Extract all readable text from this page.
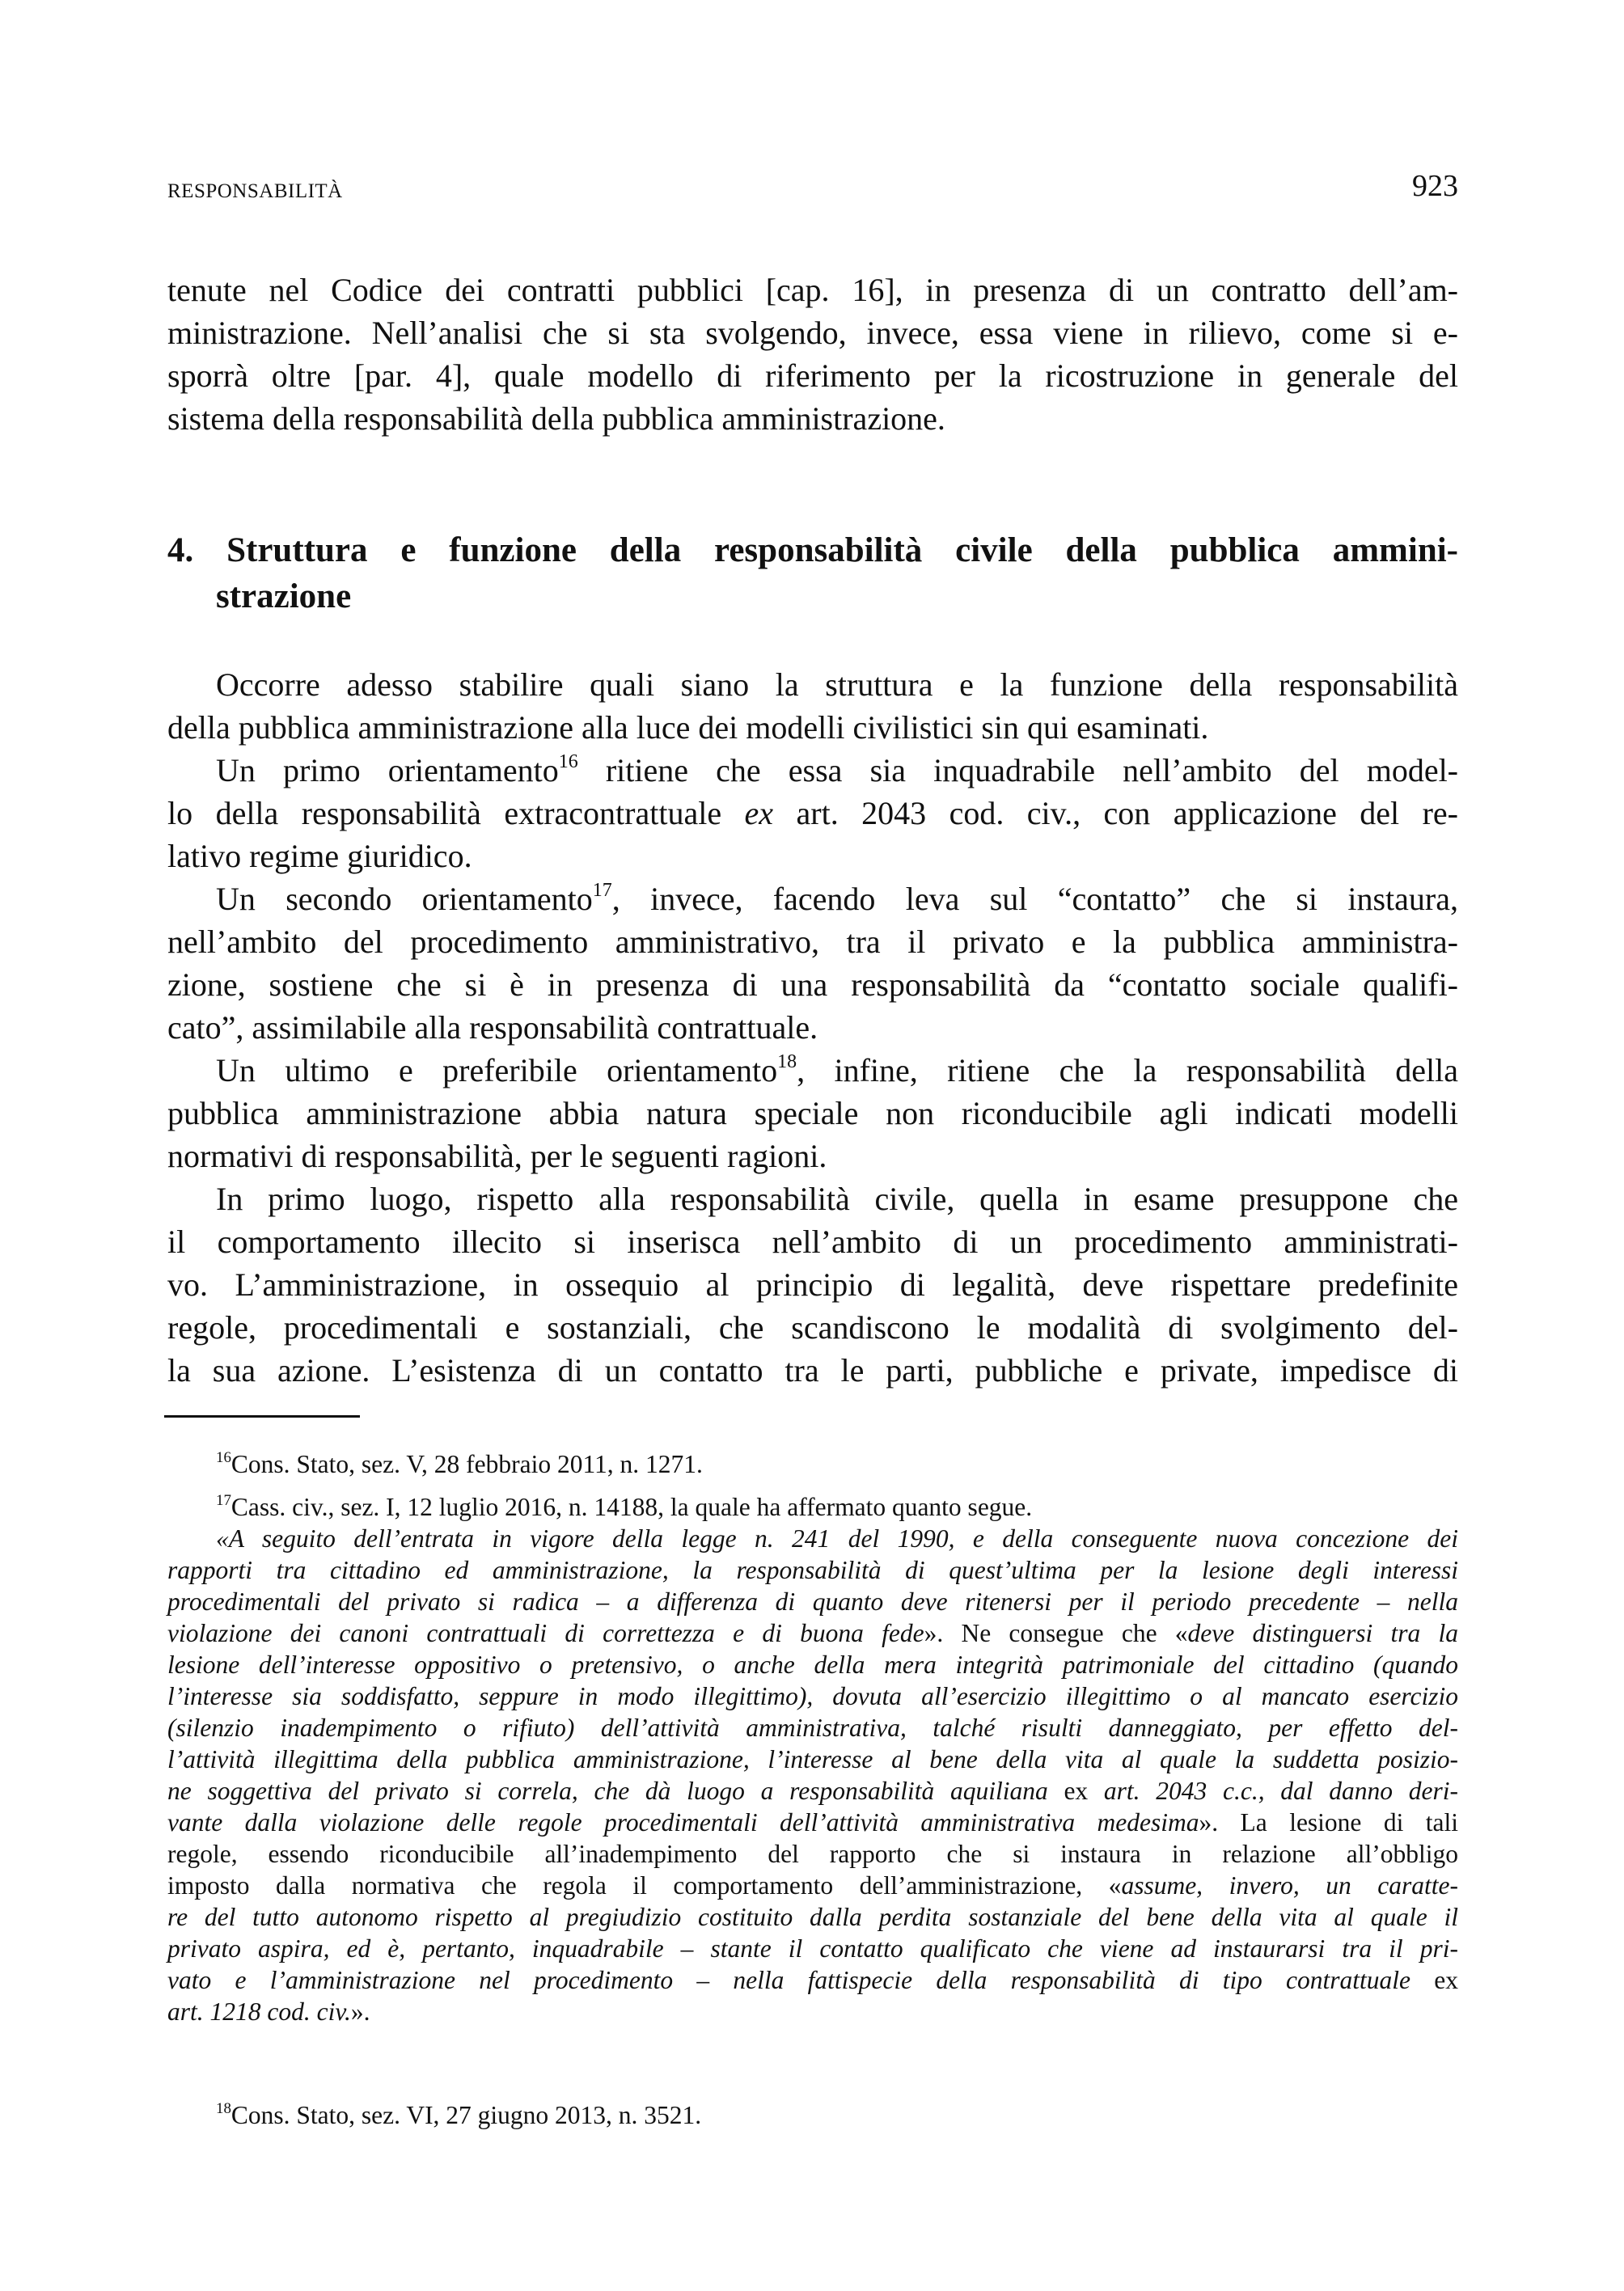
RESPONSABILITÀ	923
tenute nel Codice dei contratti pubblici [cap. 16], in presenza di un contratto dell’am-
ministrazione. Nell’analisi che si sta svolgendo, invece, essa viene in rilievo, come si e-
sporrà oltre [par. 4], quale modello di riferimento per la ricostruzione in generale del
sistema della responsabilità della pubblica amministrazione.
4. Struttura e funzione della responsabilità civile della pubblica ammini-
strazione
Occorre adesso stabilire quali siano la struttura e la funzione della responsabilità
della pubblica amministrazione alla luce dei modelli civilistici sin qui esaminati.
Un primo orientamento$^{16}$ ritiene che essa sia inquadrabile nell’ambito del model-
lo della responsabilità extracontrattuale ex art. 2043 cod. civ., con applicazione del re-
lativo regime giuridico.
Un secondo orientamento$^{17}$, invece, facendo leva sul “contatto” che si instaura,
nell’ambito del procedimento amministrativo, tra il privato e la pubblica amministra-
zione, sostiene che si è in presenza di una responsabilità da “contatto sociale qualifi-
cato”, assimilabile alla responsabilità contrattuale.
Un ultimo e preferibile orientamento$^{18}$, infine, ritiene che la responsabilità della
pubblica amministrazione abbia natura speciale non riconducibile agli indicati modelli
normativi di responsabilità, per le seguenti ragioni.
In primo luogo, rispetto alla responsabilità civile, quella in esame presuppone che
il comportamento illecito si inserisca nell’ambito di un procedimento amministrati-
vo. L’amministrazione, in ossequio al principio di legalità, deve rispettare predefinite
regole, procedimentali e sostanziali, che scandiscono le modalità di svolgimento del-
la sua azione. L’esistenza di un contatto tra le parti, pubbliche e private, impedisce di
$^{16}$Cons. Stato, sez. V, 28 febbraio 2011, n. 1271.
$^{17}$Cass. civ., sez. I, 12 luglio 2016, n. 14188, la quale ha affermato quanto segue.
«A seguito dell’entrata in vigore della legge n. 241 del 1990, e della conseguente nuova concezione dei
rapporti tra cittadino ed amministrazione, la responsabilità di quest’ultima per la lesione degli interessi
procedimentali del privato si radica – a differenza di quanto deve ritenersi per il periodo precedente – nella
violazione dei canoni contrattuali di correttezza e di buona fede». Ne consegue che «deve distinguersi tra la
lesione dell’interesse oppositivo o pretensivo, o anche della mera integrità patrimoniale del cittadino (quando
l’interesse sia soddisfatto, seppure in modo illegittimo), dovuta all’esercizio illegittimo o al mancato esercizio
(silenzio inadempimento o rifiuto) dell’attività amministrativa, talché risulti danneggiato, per effetto del-
l’attività illegittima della pubblica amministrazione, l’interesse al bene della vita al quale la suddetta posizio-
ne soggettiva del privato si correla, che dà luogo a responsabilità aquiliana ex art. 2043 c.c., dal danno deri-
vante dalla violazione delle regole procedimentali dell’attività amministrativa medesima». La lesione di tali
regole, essendo riconducibile all’inadempimento del rapporto che si instaura in relazione all’obbligo
imposto dalla normativa che regola il comportamento dell’amministrazione, «assume, invero, un caratte-
re del tutto autonomo rispetto al pregiudizio costituito dalla perdita sostanziale del bene della vita al quale il
privato aspira, ed è, pertanto, inquadrabile – stante il contatto qualificato che viene ad instaurarsi tra il pri-
vato e l’amministrazione nel procedimento – nella fattispecie della responsabilità di tipo contrattuale ex
art. 1218 cod. civ.».
$^{18}$Cons. Stato, sez. VI, 27 giugno 2013, n. 3521.
